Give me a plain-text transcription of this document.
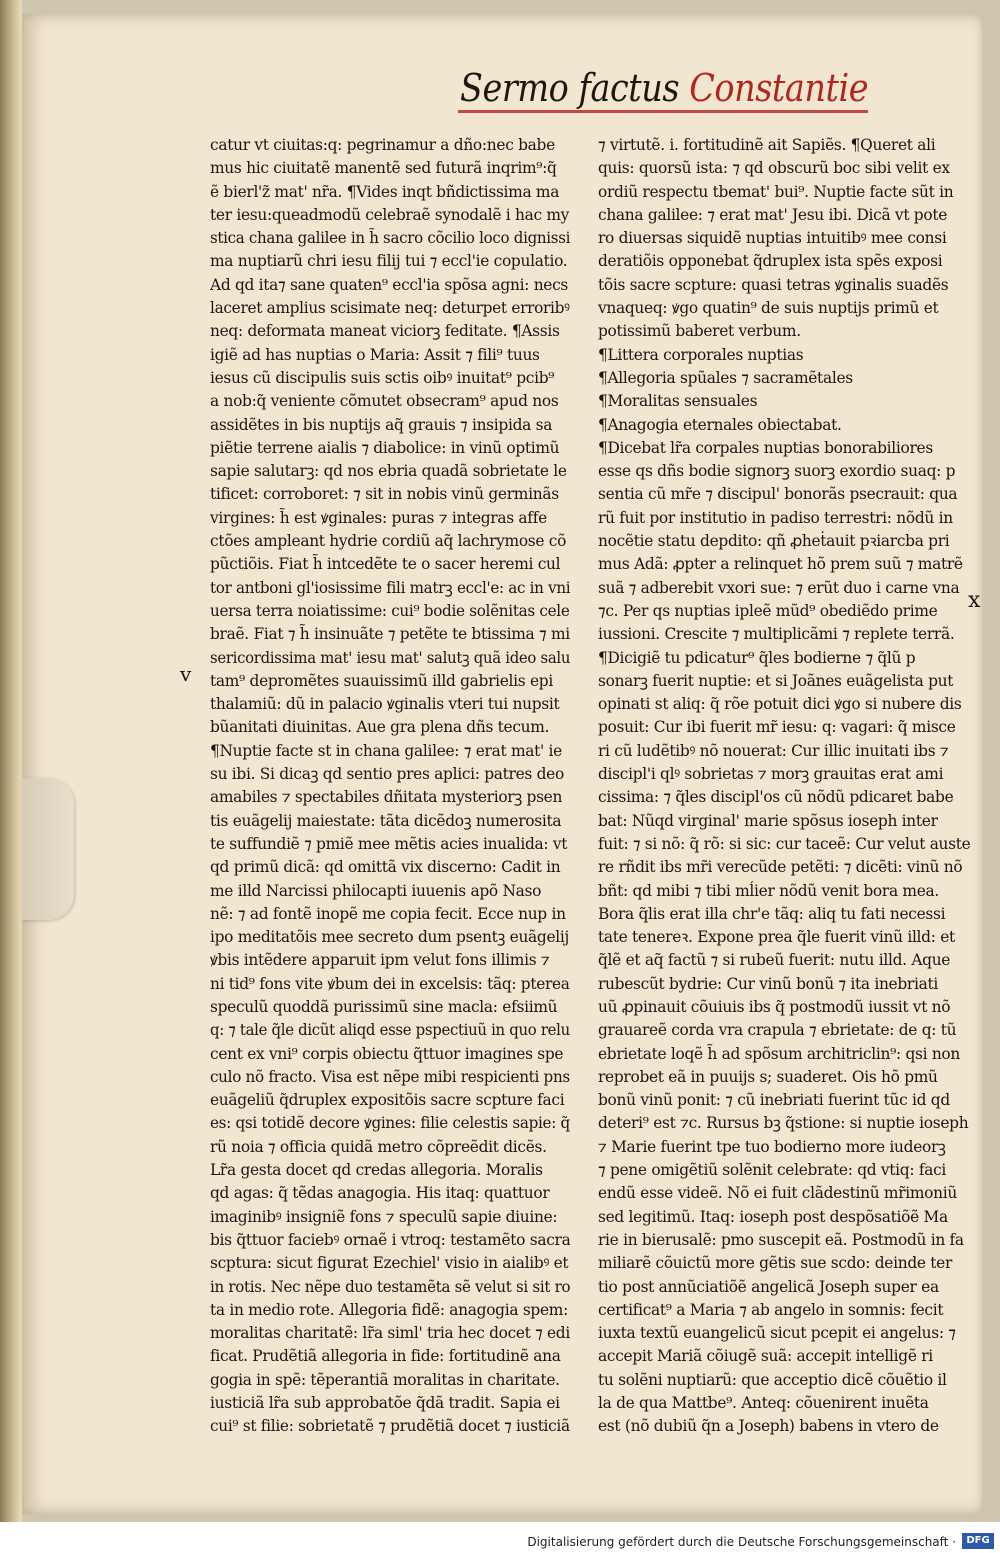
Sermo factus Constantie
v
x
catur vt ciuitas:q: pegrinamur a dño:nec babe
mus hic ciuitatẽ manentẽ sed futurã inqrim⁹:q̃
ẽ bierl'z̃ mat' nr̃a. ¶Vides inqt bñdictissima ma
ter iesu:queadmodũ celebraẽ synodalẽ i hac my
stica chana galilee in h̃ sacro cõcilio loco dignissi
ma nuptiarũ chri iesu filij tui ⁊ eccl'ie copulatio.
Ad qd ita⁊ sane quaten⁹ eccl'ia spõsa agni: necs
laceret amplius scisimate neq: deturpet erroribꝰ
neq: deformata maneat viciorꝫ feditate. ¶Assis
igiẽ ad has nuptias o Maria: Assit ⁊ fili⁹ tuus
iesus cũ discipulis suis sctis oibꝰ inuitat⁹ pcib⁹
a nob:q̃ veniente cõmutet obsecram⁹ apud nos
assidẽtes in bis nuptijs aq̃ grauis ⁊ insipida sa
piẽtie terrene aialis ⁊ diabolice: in vinũ optimũ
sapie salutarꝫ: qd nos ebria quadã sobrietate le
tificet: corroboret: ⁊ sit in nobis vinũ germinãs
virgines: h̃ est ꝟginales: puras ⁊ integras affe
ctões ampleant hydrie cordiũ aq̃ lachrymose cõ
pũctiõis. Fiat h̃ intcedẽte te o sacer heremi cul
tor antboni gl'iosissime fili matrꝫ eccl'e: ac in vni
uersa terra noiatissime: cui⁹ bodie solẽnitas cele
braẽ. Fiat ⁊ h̃ insinuãte ⁊ petẽte te btissima ⁊ mi
sericordissima mat' iesu mat' salutꝫ quã ideo salu
tam⁹ depromẽtes suauissimũ illd gabrielis epi
thalamiũ: dũ in palacio ꝟginalis vteri tui nupsit
bũanitati diuinitas. Aue gra plena dñs tecum.
¶Nuptie facte st in chana galilee: ⁊ erat mat' ie
su ibi. Si dicaꝫ qd sentio pres aplici: patres deo
amabiles ⁊ spectabiles dñitata mysteriorꝫ psen
tis euãgelij maiestate: tãta dicẽdoꝫ numerosita
te suffundiẽ ⁊ pmiẽ mee mẽtis acies inualida: vt
qd primũ dicã: qd omittã vix discerno: Cadit in
me illd Narcissi philocapti iuuenis apõ Naso
nẽ: ⁊ ad fontẽ inopẽ me copia fecit. Ecce nup in
ipo meditatõis mee secreto dum psentꝫ euãgelij
ꝟbis intẽdere apparuit ipm velut fons illimis ⁊
ni tid⁹ fons vite ꝟbum dei in excelsis: tãq: pterea
speculũ quoddã purissimũ sine macla: efsiimũ
q: ⁊ tale q̃le dicũt aliqd esse pspectiuũ in quo relu
cent ex vni⁹ corpis obiectu q̃ttuor imagines spe
culo nõ fracto. Visa est nẽpe mibi respicienti pns
euãgeliũ q̃druplex expositõis sacre scpture faci
es: qsi totidẽ decore ꝟgines: filie celestis sapie: q̃
rũ noia ⁊ officia quidã metro cõpreẽdit dicẽs.
Lr̃a gesta docet qd credas allegoria. Moralis
qd agas: q̃ tẽdas anagogia. His itaq: quattuor
imaginibꝰ insigniẽ fons ⁊ speculũ sapie diuine:
bis q̃ttuor faciebꝰ ornaẽ i vtroq: testamẽto sacra
scptura: sicut figurat Ezechiel' visio in aialibꝰ et
in rotis. Nec nẽpe duo testamẽta sẽ velut si sit ro
ta in medio rote. Allegoria fidẽ: anagogia spem:
moralitas charitatẽ: lr̃a siml' tria hec docet ⁊ edi
ficat. Prudẽtiã allegoria in fide: fortitudinẽ ana
gogia in spẽ: tẽperantiã moralitas in charitate.
iusticiã lr̃a sub approbatõe q̃dã tradit. Sapia ei
cui⁹ st filie: sobrietatẽ ⁊ prudẽtiã docet ⁊ iusticiã
⁊ virtutẽ. i. fortitudinẽ ait Sapiẽs. ¶Queret ali
quis: quorsũ ista: ⁊ qd obscurũ boc sibi velit ex
ordiũ respectu tbemat' bui⁹. Nuptie facte sũt in
chana galilee: ⁊ erat mat' Jesu ibi. Dicã vt pote
ro diuersas siquidẽ nuptias intuitibꝰ mee consi
deratiõis opponebat q̃druplex ista spẽs exposi
tõis sacre scpture: quasi tetras ꝟginalis suadẽs
vnaqueq: ꝟgo quatin⁹ de suis nuptijs primũ et
potissimũ baberet verbum.
¶Littera corporales nuptias
¶Allegoria spũales ⁊ sacramẽtales
¶Moralitas sensuales
¶Anagogia eternales obiectabat.
¶Dicebat lr̃a corpales nuptias bonorabiliores
esse qs dñs bodie signorꝫ suorꝫ exordio suaq: p
sentia cũ mr̃e ⁊ discipul' bonorãs psecrauit: qua
rũ fuit por institutio in padiso terrestri: nõdũ in
nocẽtie statu depdito: qñ ꝓheṫauit pꝛiarcba pri
mus Adã: ꝓpter a relinquet hõ prem suũ ⁊ matrẽ
suã ⁊ adberebit vxori sue: ⁊ erũt duo i carne vna
⁊c. Per qs nuptias ipleẽ mũd⁹ obediẽdo prime
iussioni. Crescite ⁊ multiplicãmi ⁊ replete terrã.
¶Dicigiẽ tu pdicatur⁹ q̃les bodierne ⁊ q̃lũ p
sonarꝫ fuerit nuptie: et si Joãnes euãgelista put
opinati st aliq: q̃ rõe potuit dici ꝟgo si nubere dis
posuit: Cur ibi fuerit mr̃ iesu: q: vagari: q̃ misce
ri cũ ludẽtibꝰ nõ nouerat: Cur illic inuitati ibs ⁊
discipl'i qlꝰ sobrietas ⁊ morꝫ grauitas erat ami
cissima: ⁊ q̃les discipl'os cũ nõdũ pdicaret babe
bat: Nũqd virginal' marie spõsus ioseph inter
fuit: ⁊ si nõ: q̃ rõ: si sic: cur taceẽ: Cur velut auste
re rñdit ibs mr̃i verecũde petẽti: ⁊ dicẽti: vinũ nõ
bñt: qd mibi ⁊ tibi mĺier nõdũ venit bora mea.
Bora q̃lis erat illa chr'e tãq: aliq tu fati necessi
tate tenereꝛ. Expone prea q̃le fuerit vinũ illd: et
q̃lẽ et aq̃ factũ ⁊ si rubeũ fuerit: nutu illd. Aque
rubescũt bydrie: Cur vinũ bonũ ⁊ ita inebriati
uũ ꝓpinauit cõuiuis ibs q̃ postmodũ iussit vt nõ
grauareẽ corda vra crapula ⁊ ebrietate: de q: tũ
ebrietate loqẽ h̃ ad spõsum architriclin⁹: qsi non
reprobet eã in puuijs s; suaderet. Ois hõ pmũ
bonũ vinũ ponit: ⁊ cũ inebriati fuerint tũc id qd
deteri⁹ est ⁊c. Rursus bꝫ q̃stione: si nuptie ioseph
⁊ Marie fuerint tpe tuo bodierno more iudeorꝫ
⁊ pene omigẽtiũ solẽnit celebrate: qd vtiq: faci
endũ esse videẽ. Nõ ei fuit clãdestinũ mr̃imoniũ
sed legitimũ. Itaq: ioseph post despõsatiõẽ Ma
rie in bierusalẽ: pmo suscepit eã. Postmodũ in fa
miliarẽ cõuictũ more gẽtis sue scdo: deinde ter
tio post annũciatiõẽ angelicã Joseph super ea
certificat⁹ a Maria ⁊ ab angelo in somnis: fecit
iuxta textũ euangelicũ sicut pcepit ei angelus: ⁊
accepit Mariã cõiugẽ suã: accepit intelligẽ ri
tu solẽni nuptiarũ: que acceptio dicẽ cõuẽtio il
la de qua Mattbe⁹. Anteq: cõuenirent inuẽta
est (nõ dubiũ q̃n a Joseph) babens in vtero de
Digitalisierung gefördert durch die Deutsche Forschungsgemeinschaft ·	DFG
